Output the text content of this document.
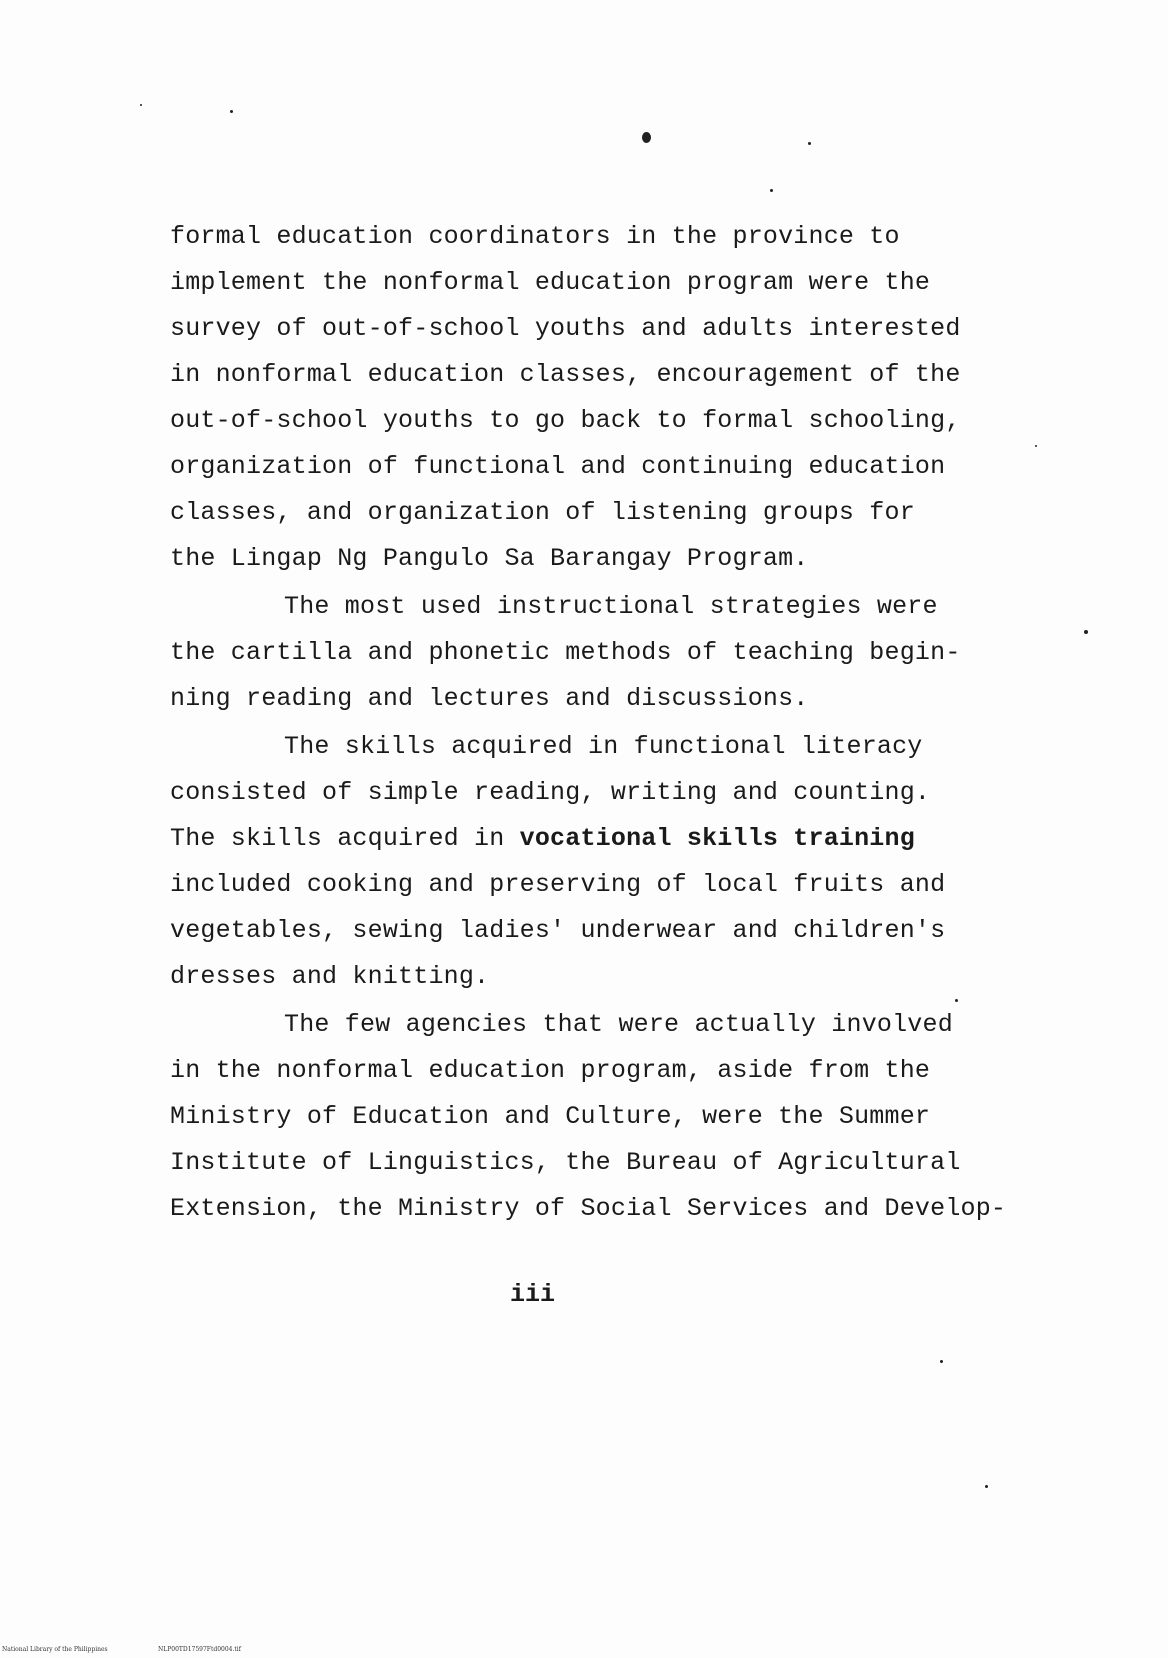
formal education coordinators in the province to
implement the nonformal education program were the
survey of out-of-school youths and adults interested
in nonformal education classes, encouragement of the
out-of-school youths to go back to formal schooling,
organization of functional and continuing education
classes, and organization of listening groups for
the Lingap Ng Pangulo Sa Barangay Program.
The most used instructional strategies were
the cartilla and phonetic methods of teaching begin-
ning reading and lectures and discussions.
The skills acquired in functional literacy
consisted of simple reading, writing and counting.
The skills acquired in vocational skills training
included cooking and preserving of local fruits and
vegetables, sewing ladies' underwear and children's
dresses and knitting.
The few agencies that were actually involved
in the nonformal education program, aside from the
Ministry of Education and Culture, were the Summer
Institute of Linguistics, the Bureau of Agricultural
Extension, the Ministry of Social Services and Develop-
iii
National Library of the Philippines	NLP00TD17597Ftd0004.tif
